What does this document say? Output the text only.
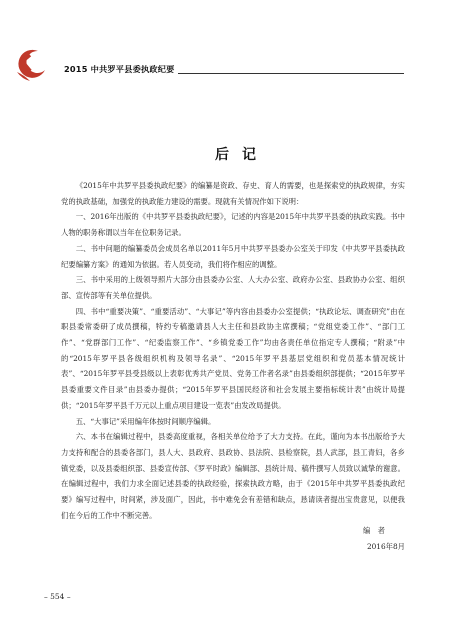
2015 中共罗平县委执政纪要
后记

《2015年中共罗平县委执政纪要》的编纂是资政、存史、育人的需要，也是探索党的执政规律，夯实党的执政基础，加强党的执政能力建设的需要。现就有关情况作如下说明：

一、2016年出版的《中共罗平县委执政纪要》，记述的内容是2015年中共罗平县委的执政实践。书中人物的职务称谓以当年在位职务记录。

二、书中问题的编纂委员会成员名单以2011年5月中共罗平县委办公室关于印发《中共罗平县委执政纪要编纂方案》的通知为依据。若人员变动，我们将作相应的调整。

三、书中采用的上级领导照片大部分由县委办公室、人大办公室、政府办公室、县政协办公室、组织部、宣传部等有关单位提供。

四、书中“重要决策”、“重要活动”、“大事记”等内容由县委办公室提供；“执政论坛、调查研究”由在职县委常委研了成员撰稿，特约专稿邀请县人大主任和县政协主席撰稿；“党组党委工作”、“部门工作”、“党群部门工作”、“纪委监察工作”、“乡镇党委工作”均由各责任单位指定专人撰稿；“附录”中的“2015年罗平县各级组织机构及领导名录”、“2015年罗平县基层党组织和党员基本情况统计表”、“2015年罗平县受县级以上表彰优秀共产党员、党务工作者名录”由县委组织部提供；“2015年罗平县委重要文件目录”由县委办提供；“2015年罗平县国民经济和社会发展主要指标统计表”由统计局提供；“2015年罗平县千万元以上重点项目建设一览表”由发改局提供。

五、“大事记”采用编年体按时间顺序编辑。

六、本书在编辑过程中，县委高度重视，各相关单位给予了大力支持。在此，谨向为本书出版给予大力支持和配合的县委各部门，县人大、县政府、县政协、县法院、县检察院，县人武部，县工青妇，各乡镇党委，以及县委组织部、县委宣传部、《罗平时政》编辑部、县统计局、稿件撰写人员致以诚挚的谢意。在编辑过程中，我们力求全面记述县委的执政经验，探索执政方略，由于《2015年中共罗平县委执政纪要》编写过程中，时间紧，涉及面广，因此，书中难免会有差错和缺点，恳请读者提出宝贵意见，以便我们在今后的工作中不断完善。

编　者
2016年8月
– 554 –
